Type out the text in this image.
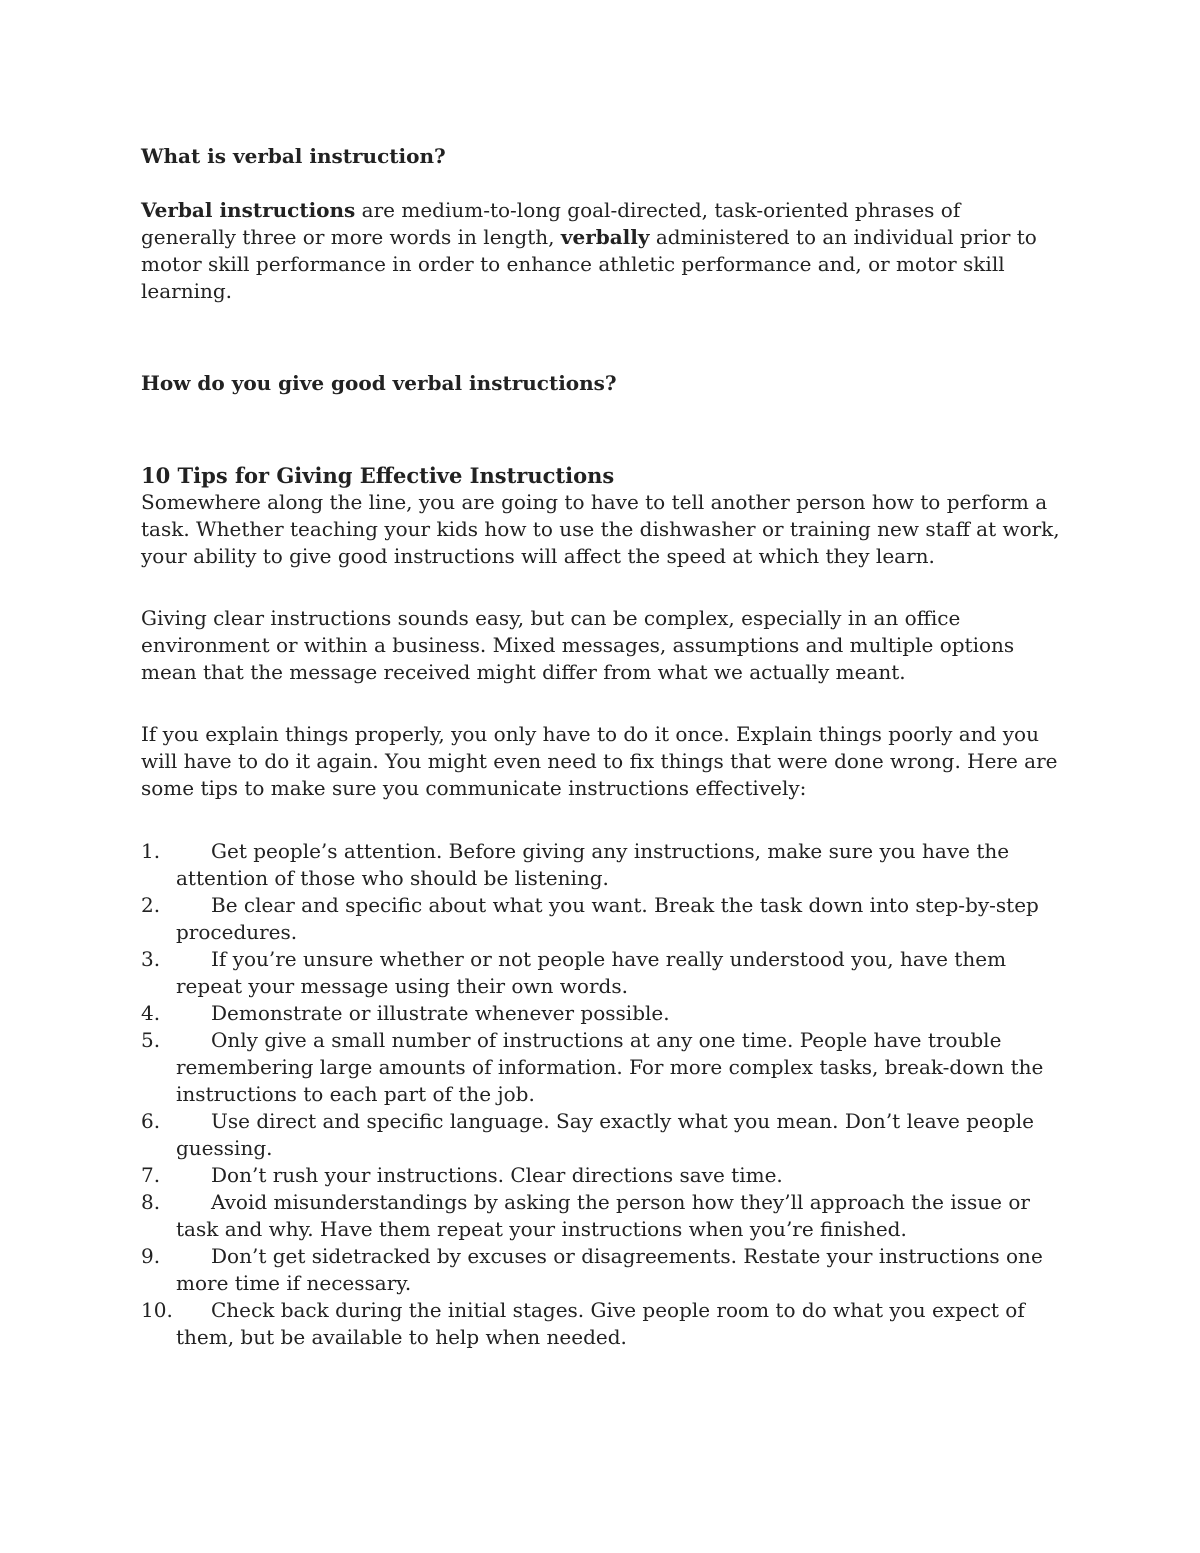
What is verbal instruction?

Verbal instructions are medium-to-long goal-directed, task-oriented phrases of generally three or more words in length, verbally administered to an individual prior to motor skill performance in order to enhance athletic performance and, or motor skill learning.

How do you give good verbal instructions?

10 Tips for Giving Effective Instructions

Somewhere along the line, you are going to have to tell another person how to perform a task. Whether teaching your kids how to use the dishwasher or training new staff at work, your ability to give good instructions will affect the speed at which they learn.

Giving clear instructions sounds easy, but can be complex, especially in an office environment or within a business. Mixed messages, assumptions and multiple options mean that the message received might differ from what we actually meant.

If you explain things properly, you only have to do it once. Explain things poorly and you will have to do it again. You might even need to fix things that were done wrong. Here are some tips to make sure you communicate instructions effectively:

1.	Get people’s attention. Before giving any instructions, make sure you have the attention of those who should be listening.
2.	Be clear and specific about what you want. Break the task down into step-by-step procedures.
3.	If you’re unsure whether or not people have really understood you, have them repeat your message using their own words.
4.	Demonstrate or illustrate whenever possible.
5.	Only give a small number of instructions at any one time. People have trouble remembering large amounts of information. For more complex tasks, break-down the instructions to each part of the job.
6.	Use direct and specific language. Say exactly what you mean. Don’t leave people guessing.
7.	Don’t rush your instructions. Clear directions save time.
8.	Avoid misunderstandings by asking the person how they’ll approach the issue or task and why. Have them repeat your instructions when you’re finished.
9.	Don’t get sidetracked by excuses or disagreements. Restate your instructions one more time if necessary.
10. Check back during the initial stages. Give people room to do what you expect of them, but be available to help when needed.
